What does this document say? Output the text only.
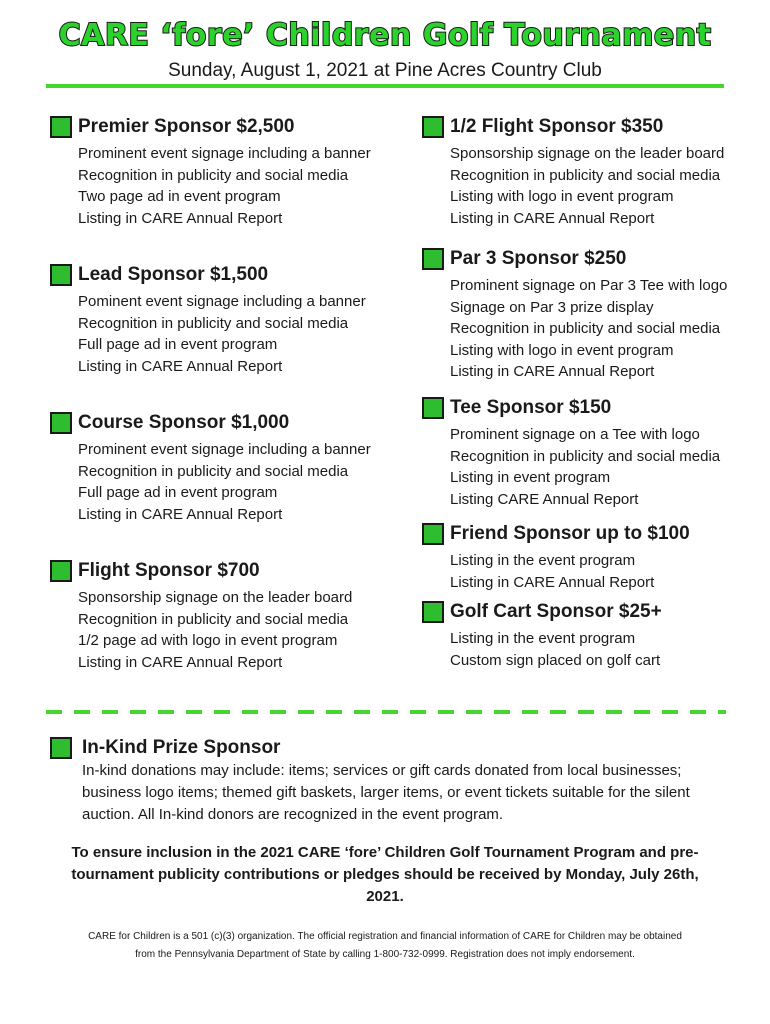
CARE ‘fore’ Children Golf Tournament
Sunday, August 1, 2021 at Pine Acres Country Club
Premier Sponsor $2,500
Prominent event signage including a banner
Recognition in publicity and social media
Two page ad in event program
Listing in CARE Annual Report
Lead Sponsor $1,500
Pominent event signage including a banner
Recognition in publicity and social media
Full page ad in event program
Listing in CARE Annual Report
Course Sponsor $1,000
Prominent event signage including a banner
Recognition in publicity and social media
Full page ad in event program
Listing in CARE Annual Report
Flight Sponsor $700
Sponsorship signage on the leader board
Recognition in publicity and social media
1/2 page ad with logo in event program
Listing in CARE Annual Report
1/2 Flight Sponsor $350
Sponsorship signage on the leader board
Recognition in publicity and social media
Listing with logo in event program
Listing in CARE Annual Report
Par 3 Sponsor $250
Prominent signage on Par 3 Tee with logo
Signage on Par 3 prize display
Recognition in publicity and social media
Listing with logo in event program
Listing in CARE Annual Report
Tee Sponsor $150
Prominent signage on a Tee with logo
Recognition in publicity and social media
Listing in event program
Listing CARE Annual Report
Friend Sponsor up to $100
Listing in the event program
Listing in CARE Annual Report
Golf Cart Sponsor $25+
Listing in the event program
Custom sign placed on golf cart
In-Kind Prize Sponsor
In-kind donations may include: items; services or gift cards donated from local businesses; business logo items; themed gift baskets, larger items, or event tickets suitable for the silent auction. All In-kind donors are recognized in the event program.
To ensure inclusion in the 2021 CARE ‘fore’ Children Golf Tournament Program and pre-tournament publicity contributions or pledges should be received by Monday, July 26th, 2021.
CARE for Children is a 501 (c)(3) organization. The official registration and financial information of CARE for Children may be obtained from the Pennsylvania Department of State by calling 1-800-732-0999. Registration does not imply endorsement.
